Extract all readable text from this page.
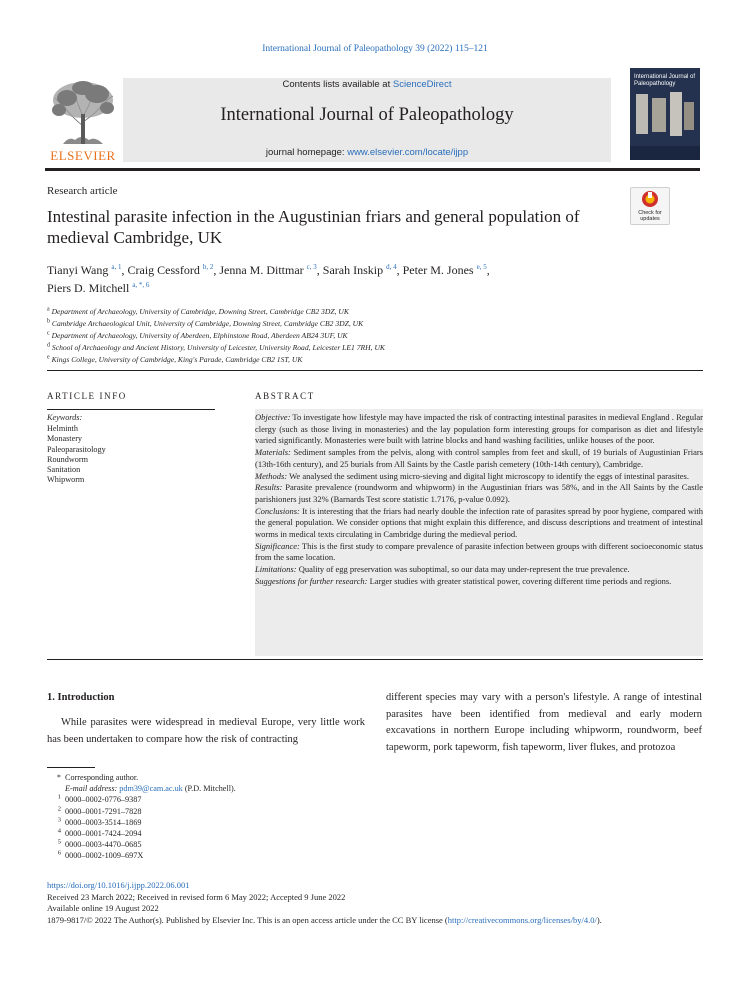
International Journal of Paleopathology 39 (2022) 115–121
ELSEVIER
Contents lists available at ScienceDirect
International Journal of Paleopathology
journal homepage: www.elsevier.com/locate/ijpp
International Journal of Paleopathology
Research article
Check for updates
Intestinal parasite infection in the Augustinian friars and general population of medieval Cambridge, UK
Tianyi Wang $^{a, 1}$, Craig Cessford $^{b, 2}$, Jenna M. Dittmar $^{c, 3}$, Sarah Inskip $^{d, 4}$, Peter M. Jones $^{e, 5}$,
Piers D. Mitchell $^{a, *, 6}$
$^a$ Department of Archaeology, University of Cambridge, Downing Street, Cambridge CB2 3DZ, UK
$^b$ Cambridge Archaeological Unit, University of Cambridge, Downing Street, Cambridge CB2 3DZ, UK
$^c$ Department of Archaeology, University of Aberdeen, Elphinstone Road, Aberdeen AB24 3UF, UK
$^d$ School of Archaeology and Ancient History, University of Leicester, University Road, Leicester LE1 7RH, UK
$^e$ Kings College, University of Cambridge, King's Parade, Cambridge CB2 1ST, UK
ARTICLE INFO	ABSTRACT
Keywords:
Helminth
Monastery
Paleoparasitology
Roundworm
Sanitation
Whipworm

Objective: To investigate how lifestyle may have impacted the risk of contracting intestinal parasites in medieval England . Regular clergy (such as those living in monasteries) and the lay population form interesting groups for comparison as diet and lifestyle varied significantly. Monasteries were built with latrine blocks and hand washing facilities, unlike houses of the poor.

Materials: Sediment samples from the pelvis, along with control samples from feet and skull, of 19 burials of Augustinian Friars (13th-16th century), and 25 burials from All Saints by the Castle parish cemetery (10th-14th century), Cambridge.

Methods: We analysed the sediment using micro-sieving and digital light microscopy to identify the eggs of intestinal parasites.

Results: Parasite prevalence (roundworm and whipworm) in the Augustinian friars was 58%, and in the All Saints by the Castle parishioners just 32% (Barnards Test score statistic 1.7176, p-value 0.092).

Conclusions: It is interesting that the friars had nearly double the infection rate of parasites spread by poor hygiene, compared with the general population. We consider options that might explain this difference, and discuss descriptions and treatment of intestinal worms in medical texts circulating in Cambridge during the medieval period.

Significance: This is the first study to compare prevalence of parasite infection between groups with different socioeconomic status from the same location.

Limitations: Quality of egg preservation was suboptimal, so our data may under-represent the true prevalence.

Suggestions for further research: Larger studies with greater statistical power, covering different time periods and regions.

1. Introduction
While parasites were widespread in medieval Europe, very little work has been undertaken to compare how the risk of contracting
different species may vary with a person's lifestyle. A range of intestinal parasites have been identified from medieval and early modern excavations in northern Europe including whipworm, roundworm, beef tapeworm, pork tapeworm, fish tapeworm, liver flukes, and protozoa
* Corresponding author.
E-mail address: pdm39@cam.ac.uk (P.D. Mitchell).
$^1$ 0000–0002-0776–9387
$^2$ 0000–0001-7291–7828
$^3$ 0000–0003-3514–1869
$^4$ 0000–0001-7424–2094
$^5$ 0000–0003-4470–0685
$^6$ 0000–0002-1009–697X
https://doi.org/10.1016/j.ijpp.2022.06.001
Received 23 March 2022; Received in revised form 6 May 2022; Accepted 9 June 2022
Available online 19 August 2022
1879-9817/© 2022 The Author(s). Published by Elsevier Inc. This is an open access article under the CC BY license (http://creativecommons.org/licenses/by/4.0/).
